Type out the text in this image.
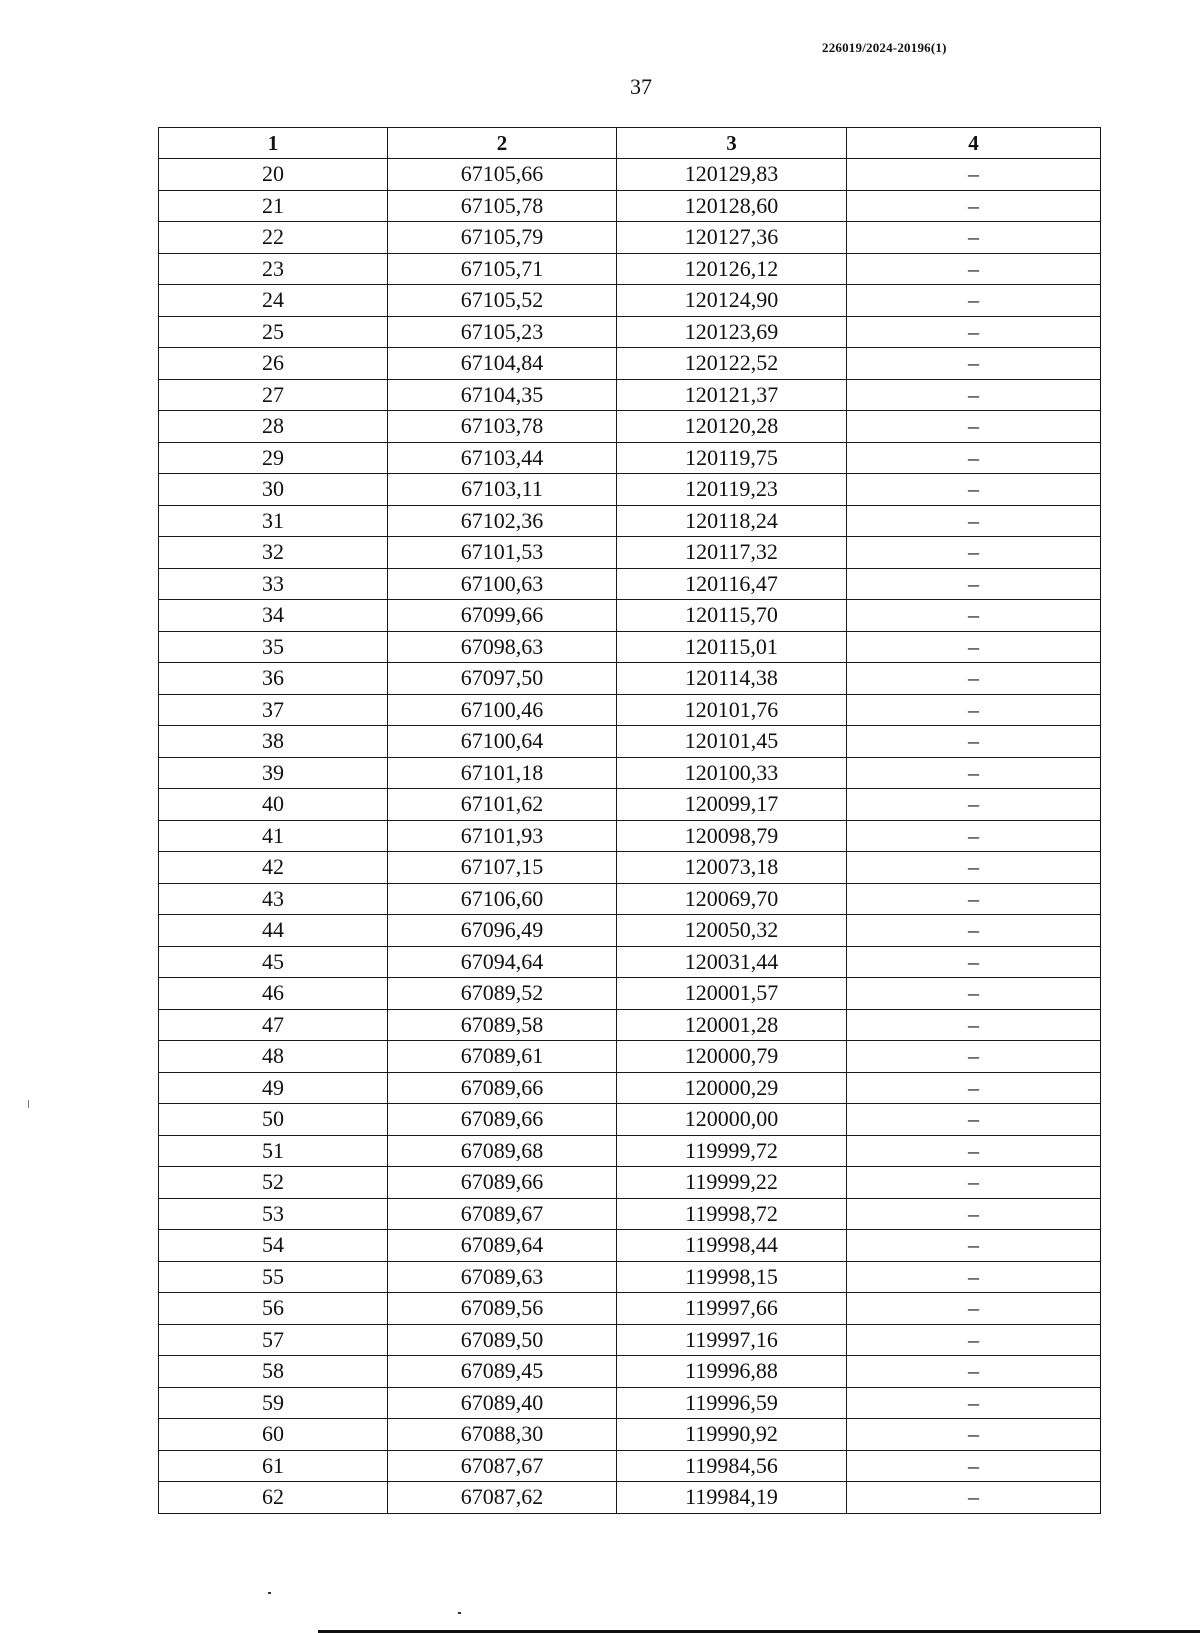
226019/2024-20196(1)
37
1	2	3	4
20	67105,66	120129,83	–
21	67105,78	120128,60	–
22	67105,79	120127,36	–
23	67105,71	120126,12	–
24	67105,52	120124,90	–
25	67105,23	120123,69	–
26	67104,84	120122,52	–
27	67104,35	120121,37	–
28	67103,78	120120,28	–
29	67103,44	120119,75	–
30	67103,11	120119,23	–
31	67102,36	120118,24	–
32	67101,53	120117,32	–
33	67100,63	120116,47	–
34	67099,66	120115,70	–
35	67098,63	120115,01	–
36	67097,50	120114,38	–
37	67100,46	120101,76	–
38	67100,64	120101,45	–
39	67101,18	120100,33	–
40	67101,62	120099,17	–
41	67101,93	120098,79	–
42	67107,15	120073,18	–
43	67106,60	120069,70	–
44	67096,49	120050,32	–
45	67094,64	120031,44	–
46	67089,52	120001,57	–
47	67089,58	120001,28	–
48	67089,61	120000,79	–
49	67089,66	120000,29	–
50	67089,66	120000,00	–
51	67089,68	119999,72	–
52	67089,66	119999,22	–
53	67089,67	119998,72	–
54	67089,64	119998,44	–
55	67089,63	119998,15	–
56	67089,56	119997,66	–
57	67089,50	119997,16	–
58	67089,45	119996,88	–
59	67089,40	119996,59	–
60	67088,30	119990,92	–
61	67087,67	119984,56	–
62	67087,62	119984,19	–
